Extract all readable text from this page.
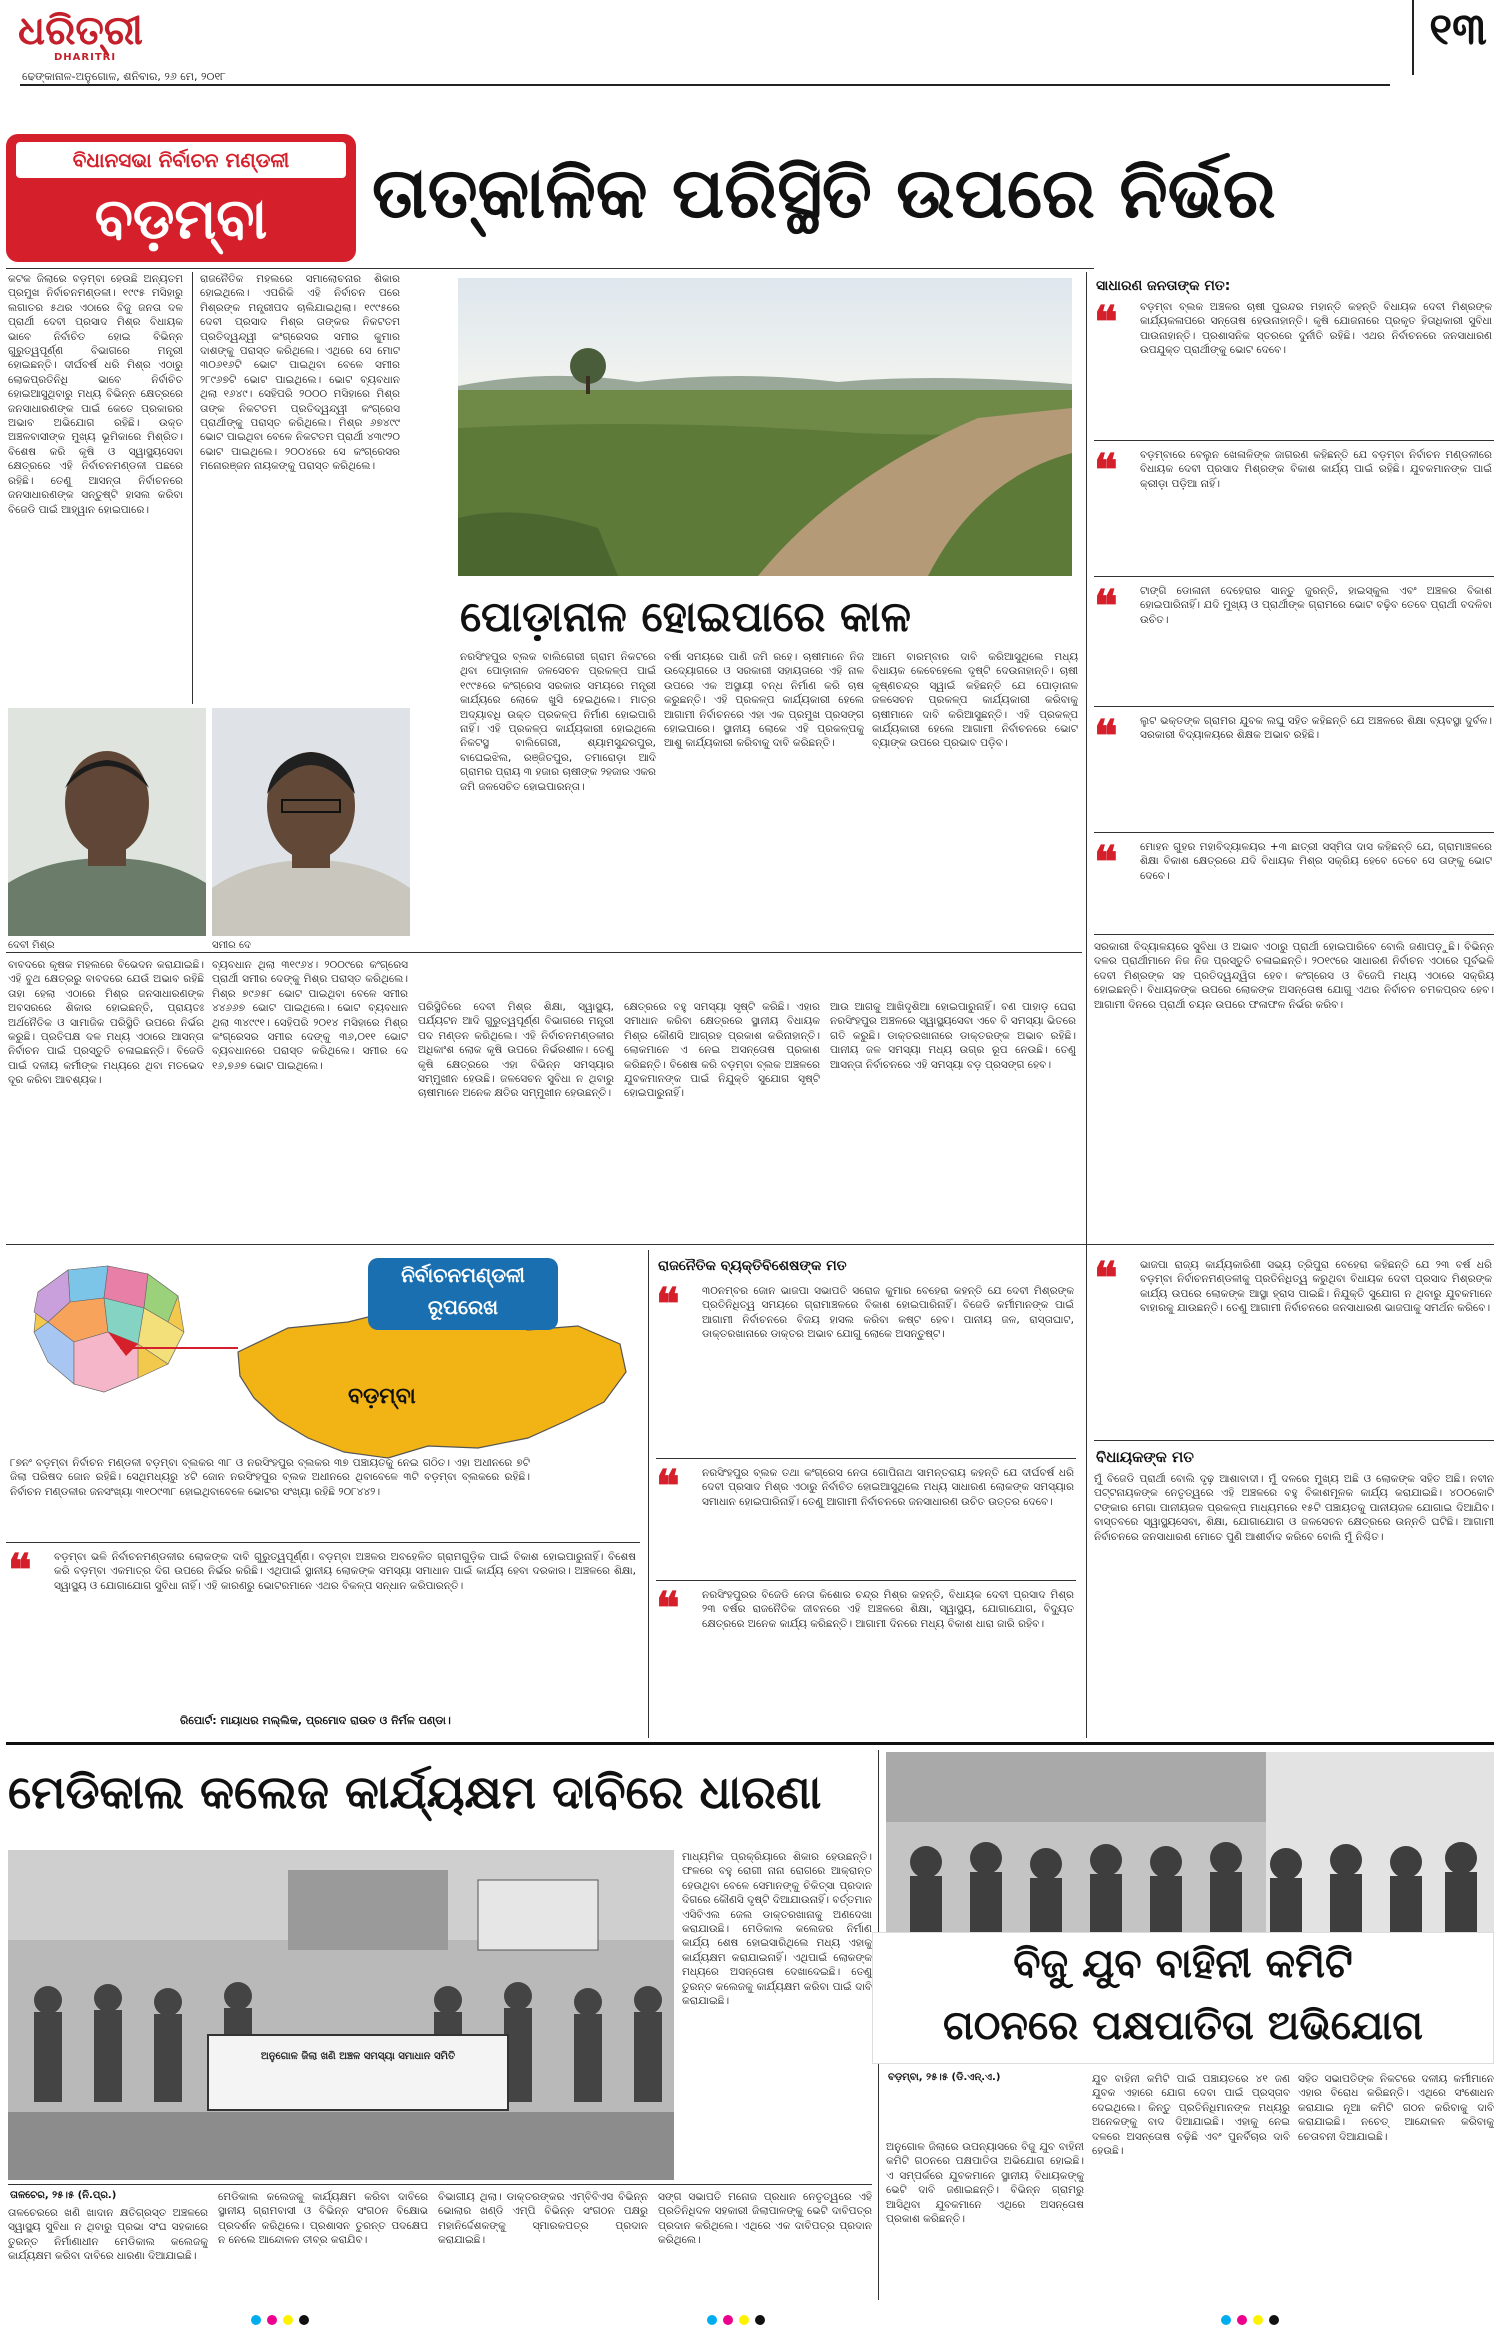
ଧରିତ୍ରୀ
DHARITRI
ଢେଙ୍କାନାଳ-ଅନୁଗୋଳ, ଶନିବାର, ୨୬ ମେ, ୨୦୧୮
୧୩
ବିଧାନସଭା ନିର୍ବାଚନ ମଣ୍ଡଳୀ
ବଡ଼ମ୍ବା	ତାତ୍କାଳିକ ପରିସ୍ଥିତି ଉପରେ ନିର୍ଭର
କଟକ ଜିଲାରେ ବଡ଼ମ୍ବା ହେଉଛି ଅନ୍ୟତମ ପ୍ରମୁଖ ନିର୍ବାଚନମଣ୍ଡଳୀ। ୧୯୯୫ ମସିହାରୁ ଲଗାତର ୫ଥର ଏଠାରେ ବିଜୁ ଜନତା ଦଳ ପ୍ରାର୍ଥୀ ଦେବୀ ପ୍ରସାଦ ମିଶ୍ର ବିଧାୟକ ଭାବେ ନିର୍ବାଚିତ ହୋଇ ବିଭିନ୍ନ ଗୁରୁତ୍ୱପୂର୍ଣ୍ଣ ବିଭାଗରେ ମନ୍ତ୍ରୀ ହୋଇଛନ୍ତି। ଦୀର୍ଘବର୍ଷ ଧରି ମିଶ୍ର ଏଠାରୁ ଲୋକପ୍ରତିନିଧି ଭାବେ ନିର୍ବାଚିତ ହୋଇଆସୁଥିବାରୁ ମଧ୍ୟ ବିଭିନ୍ନ କ୍ଷେତ୍ରରେ ଜନସାଧାରଣଙ୍କ ପାଇଁ କେତେ ପ୍ରକାରର ଅଭାବ ଅଭିଯୋଗ ରହିଛି। ଉକ୍ତ ଅଞ୍ଚଳବାସୀଙ୍କ ମୁଖ୍ୟ ଭୂମିକାରେ ମିଶ୍ରିତ। ବିଶେଷ କରି କୃଷି ଓ ସ୍ୱାସ୍ଥ୍ୟସେବା କ୍ଷେତ୍ରରେ ଏହି ନିର୍ବାଚନମଣ୍ଡଳୀ ପଛରେ ରହିଛି। ତେଣୁ ଆସନ୍ତା ନିର୍ବାଚନରେ ଜନସାଧାରଣଙ୍କ ସନ୍ତୁଷ୍ଟି ହାସଲ କରିବା ବିଜେଡି ପାଇଁ ଆହ୍ୱାନ ହୋଇପାରେ।
ରାଜନୈତିକ ମହଲରେ ସମାଲୋଚନାର ଶିକାର ହୋଇଥିଲେ। ଏପରିକି ଏହି ନିର୍ବାଚନ ପରେ ମିଶ୍ରଙ୍କ ମନ୍ତ୍ରୀପଦ ଚାଲିଯାଇଥିଲା। ୧୯୯୫ରେ ଦେବୀ ପ୍ରସାଦ ମିଶ୍ର ତାଙ୍କର ନିକଟତମ ପ୍ରତିଦ୍ୱନ୍ଦ୍ୱୀ କଂଗ୍ରେସର ସମୀର କୁମାର ଦାଶଙ୍କୁ ପରାସ୍ତ କରିଥିଲେ। ଏଥିରେ ସେ ମୋଟ ୩୦୬୧୬ଟି ଭୋଟ ପାଇଥିବା ବେଳେ ସମୀର ୨୮୯୬୭ଟି ଭୋଟ ପାଇଥିଲେ। ଭୋଟ ବ୍ୟବଧାନ ଥିଲା ୧୬୪୯। ସେହିପରି ୨୦୦୦ ମସିହାରେ ମିଶ୍ର ତାଙ୍କ ନିକଟତମ ପ୍ରତିଦ୍ୱନ୍ଦ୍ୱୀ କଂଗ୍ରେସ ପ୍ରାର୍ଥୀଙ୍କୁ ପରାସ୍ତ କରିଥିଲେ। ମିଶ୍ର ୬୭୪୯୯ ଭୋଟ ପାଇଥିବା ବେଳେ ନିକଟତମ ପ୍ରାର୍ଥୀ ୪୩୯୨୦ ଭୋଟ ପାଇଥିଲେ। ୨୦୦୪ରେ ସେ କଂଗ୍ରେସର ମନୋରଞ୍ଜନ ନାୟକଙ୍କୁ ପରାସ୍ତ କରିଥିଲେ।
ଦେବୀ ମିଶ୍ର	ସମୀର ଦେ
ପୋଡ଼ାନାଳ ହୋଇପାରେ କାଳ
ନରସିଂହପୁର ବ୍ଲକ ବାଲିଗେରୀ ଗ୍ରାମ ନିକଟରେ ଥିବା ପୋଡ଼ାନାଳ ଜଳସେଚନ ପ୍ରକଳ୍ପ ପାଇଁ ୧୯୯୫ରେ କଂଗ୍ରେସ ସରକାର ସମୟରେ ମନ୍ତ୍ରୀ କାର୍ଯ୍ୟରେ ଲୋକେ ଖୁସି ହେଇଥିଲେ। ମାତ୍ର ଅଦ୍ୟାବଧି ଉକ୍ତ ପ୍ରକଳ୍ପ ନିର୍ମାଣ ହୋଇପାରି ନାହିଁ। ଏହି ପ୍ରକଳ୍ପ କାର୍ଯ୍ୟକାରୀ ହୋଇଥିଲେ ନିକଟସ୍ଥ ବାଲିଗେରୀ, ଶ୍ୟାମସୁନ୍ଦରପୁର, ବାଘେଇଝିଲ, ରଞ୍ଜିତପୁର, ତମାରୋଡ଼ା ଆଦି ଗ୍ରାମର ପ୍ରାୟ ୩ ହଜାର ଚାଷୀଙ୍କ ୨ହଜାର ଏକର ଜମି ଜଳସେଚିତ ହୋଇପାରନ୍ତା।
ବର୍ଷା ସମୟରେ ପାଣି ଜମି ରହେ। ଚାଷୀମାନେ ନିଜ ଉଦ୍ୟୋଗରେ ଓ ସରକାରୀ ସହାୟତାରେ ଏହି ନାଳ ଉପରେ ଏକ ଅସ୍ଥାୟୀ ବନ୍ଧ ନିର୍ମାଣ କରି ଚାଷ କରୁଛନ୍ତି। ଏହି ପ୍ରକଳ୍ପ କାର୍ଯ୍ୟକାରୀ ହେଲେ ଆଗାମୀ ନିର୍ବାଚନରେ ଏହା ଏକ ପ୍ରମୁଖ ପ୍ରସଙ୍ଗ ହୋଇପାରେ। ସ୍ଥାନୀୟ ଲୋକେ ଏହି ପ୍ରକଳ୍ପକୁ ଆଶୁ କାର୍ଯ୍ୟକାରୀ କରିବାକୁ ଦାବି କରିଛନ୍ତି।
ଆମେ ବାରମ୍ବାର ଦାବି କରିଆସୁଥିଲେ ମଧ୍ୟ ବିଧାୟକ କେବେହେଲେ ଦୃଷ୍ଟି ଦେଉନାହାନ୍ତି। ଚାଷୀ କୃଷ୍ଣଚନ୍ଦ୍ର ସ୍ୱାଇଁ କହିଛନ୍ତି ଯେ ପୋଡ଼ାନାଳ ଜଳସେଚନ ପ୍ରକଳ୍ପ କାର୍ଯ୍ୟକାରୀ କରିବାକୁ ଚାଷୀମାନେ ଦାବି କରିଆସୁଛନ୍ତି। ଏହି ପ୍ରକଳ୍ପ କାର୍ଯ୍ୟକାରୀ ହେଲେ ଆଗାମୀ ନିର୍ବାଚନରେ ଭୋଟ ବ୍ୟାଙ୍କ ଉପରେ ପ୍ରଭାବ ପଡ଼ିବ।
ବାବଦରେ କୃଷକ ମହଲରେ ବିଭେଦନ କରାଯାଇଛି। ଏହି ବୁଥ କ୍ଷେତ୍ରରୁ ବାବଦରେ ଯେଉଁ ଅଭାବ ରହିଛି ତାହା ହେଲା ଏଠାରେ ମିଶ୍ର ଜନସାଧାରଣଙ୍କ ଅବସରରେ ଶିକାର ହୋଇଛନ୍ତି, ପ୍ରାୟତଃ ଅର୍ଥନୈତିକ ଓ ସାମାଜିକ ପରିସ୍ଥିତି ଉପରେ ନିର୍ଭର କରୁଛି। ପ୍ରତିପକ୍ଷ ଦଳ ମଧ୍ୟ ଏଠାରେ ଆସନ୍ତା ନିର୍ବାଚନ ପାଇଁ ପ୍ରସ୍ତୁତି ଚଳାଇଛନ୍ତି। ବିଜେଡି ପାଇଁ ଦଳୀୟ କର୍ମୀଙ୍କ ମଧ୍ୟରେ ଥିବା ମତଭେଦ ଦୂର କରିବା ଆବଶ୍ୟକ।
ବ୍ୟବଧାନ ଥିଲା ୩୧୯୬୪। ୨୦୦୯ରେ କଂଗ୍ରେସ ପ୍ରାର୍ଥୀ ସମୀର ଦେଙ୍କୁ ମିଶ୍ର ପରାସ୍ତ କରିଥିଲେ। ମିଶ୍ର ୭୯୬୫୮ ଭୋଟ ପାଇଥିବା ବେଳେ ସମୀର ୪୪୬୬୭ ଭୋଟ ପାଇଥିଲେ। ଭୋଟ ବ୍ୟବଧାନ ଥିଲା ୩୪୯୯୧। ସେହିପରି ୨୦୧୪ ମସିହାରେ ମିଶ୍ର କଂଗ୍ରେସର ସମୀର ଦେଙ୍କୁ ୩୬,୦୧୧ ଭୋଟ ବ୍ୟବଧାନରେ ପରାସ୍ତ କରିଥିଲେ। ସମୀର ଦେ ୧୬,୭୬୭ ଭୋଟ ପାଇଥିଲେ।
ପରିସ୍ଥିତିରେ ଦେବୀ ମିଶ୍ର ଶିକ୍ଷା, ସ୍ୱାସ୍ଥ୍ୟ, ପର୍ଯ୍ୟଟନ ଆଦି ଗୁରୁତ୍ୱପୂର୍ଣ୍ଣ ବିଭାଗରେ ମନ୍ତ୍ରୀ ପଦ ମଣ୍ଡନ କରିଥିଲେ। ଏହି ନିର୍ବାଚନମଣ୍ଡଳୀର ଅଧିକାଂଶ ଲୋକ କୃଷି ଉପରେ ନିର୍ଭରଶୀଳ। ତେଣୁ କୃଷି କ୍ଷେତ୍ରରେ ଏହା ବିଭିନ୍ନ ସମସ୍ୟାର ସମ୍ମୁଖୀନ ହେଉଛି। ଜଳସେଚନ ସୁବିଧା ନ ଥିବାରୁ ଚାଷୀମାନେ ଅନେକ କ୍ଷତିର ସମ୍ମୁଖୀନ ହେଉଛନ୍ତି।
କ୍ଷେତ୍ରରେ ବହୁ ସମସ୍ୟା ସୃଷ୍ଟି କରିଛି। ଏହାର ସମାଧାନ କରିବା କ୍ଷେତ୍ରରେ ସ୍ଥାନୀୟ ବିଧାୟକ ମିଶ୍ର କୌଣସି ଆଗ୍ରହ ପ୍ରକାଶ କରିନାହାନ୍ତି। ଲୋକମାନେ ଏ ନେଇ ଅସନ୍ତୋଷ ପ୍ରକାଶ କରିଛନ୍ତି। ବିଶେଷ କରି ବଡ଼ମ୍ବା ବ୍ଲକ ଅଞ୍ଚଳରେ ଯୁବକମାନଙ୍କ ପାଇଁ ନିଯୁକ୍ତି ସୁଯୋଗ ସୃଷ୍ଟି ହୋଇପାରୁନାହିଁ।
ଆଉ ଆଗକୁ ଆଖିଦୃଶିଆ ହୋଇପାରୁନାହିଁ। ବଣ ପାହାଡ଼ ଘେରା ନରସିଂହପୁର ଅଞ୍ଚଳରେ ସ୍ୱାସ୍ଥ୍ୟସେବା ଏବେ ବି ସମସ୍ୟା ଭିତରେ ଗତି କରୁଛି। ଡାକ୍ତରଖାନାରେ ଡାକ୍ତରଙ୍କ ଅଭାବ ରହିଛି। ପାନୀୟ ଜଳ ସମସ୍ୟା ମଧ୍ୟ ଉଗ୍ର ରୂପ ନେଉଛି। ତେଣୁ ଆସନ୍ତା ନିର୍ବାଚନରେ ଏହି ସମସ୍ୟା ବଡ଼ ପ୍ରସଙ୍ଗ ହେବ।
ସାଧାରଣ ଜନତାଙ୍କ ମତ:
❝ ବଡ଼ମ୍ବା ବ୍ଲକ ଅଞ୍ଚଳର ଚାଷୀ ପୁରନ୍ଦର ମହାନ୍ତି କହନ୍ତି ବିଧାୟକ ଦେବୀ ମିଶ୍ରଙ୍କ କାର୍ଯ୍ୟକଳାପରେ ସନ୍ତୋଷ ହେଉନାହାନ୍ତି। କୃଷି ଯୋଜନାରେ ପ୍ରକୃତ ହିତାଧିକାରୀ ସୁବିଧା ପାଉନାହାନ୍ତି। ପ୍ରଶାସନିକ ସ୍ତରରେ ଦୁର୍ନୀତି ରହିଛି। ଏଥର ନିର୍ବାଚନରେ ଜନସାଧାରଣ ଉପଯୁକ୍ତ ପ୍ରାର୍ଥୀଙ୍କୁ ଭୋଟ ଦେବେ।
❝ ବଡ଼ମ୍ବାରେ ବେଲୁନ ଖେଳାଳିଙ୍କ ଜାଗରଣ କହିଛନ୍ତି ଯେ ବଡ଼ମ୍ବା ନିର୍ବାଚନ ମଣ୍ଡଳୀରେ ବିଧାୟକ ଦେବୀ ପ୍ରସାଦ ମିଶ୍ରଙ୍କ ବିକାଶ କାର୍ଯ୍ୟ ପାଇଁ ରହିଛି। ଯୁବକମାନଙ୍କ ପାଇଁ କ୍ରୀଡ଼ା ପଡ଼ିଆ ନାହିଁ।
❝ ଟାଙ୍ଗି ଡୋଳାନୀ ଦେହେରାର ସାନ୍ତୁ ଜୁରନ୍ତି, ହାଇସ୍କୁଲ ଏବଂ ଅଞ୍ଚଳର ବିକାଶ ହୋଇପାରିନାହିଁ। ଯଦି ମୁଖ୍ୟ ଓ ପ୍ରାର୍ଥୀଙ୍କ ଗ୍ରାମରେ ଭୋଟ ବଢ଼ିବ ତେବେ ପ୍ରାର୍ଥୀ ବଦଳିବା ଉଚିତ।
❝ ଲୁଟ ଭକ୍ତଙ୍କ ଗ୍ରାମର ଯୁବକ ଲଘୁ ସହିତ କହିଛନ୍ତି ଯେ ଅଞ୍ଚଳରେ ଶିକ୍ଷା ବ୍ୟବସ୍ଥା ଦୁର୍ବଳ। ସରକାରୀ ବିଦ୍ୟାଳୟରେ ଶିକ୍ଷକ ଅଭାବ ରହିଛି।
❝ ମୋହନ ଗୁହର ମହାବିଦ୍ୟାଳୟର +୩ ଛାତ୍ରୀ ସସ୍ମିତା ଦାସ କହିଛନ୍ତି ଯେ, ଗ୍ରାମାଞ୍ଚଳରେ ଶିକ୍ଷା ବିକାଶ କ୍ଷେତ୍ରରେ ଯଦି ବିଧାୟକ ମିଶ୍ର ସକ୍ରିୟ ହେବେ ତେବେ ସେ ତାଙ୍କୁ ଭୋଟ ଦେବେ।
ସରକାରୀ ବିଦ୍ୟାଳୟରେ ସୁବିଧା ଓ ଅଭାବ ଏଠାରୁ ପ୍ରାର୍ଥୀ ହୋଇପାରିବେ ବୋଲି ଜଣାପଡ଼ୁଛି। ବିଭିନ୍ନ ଦଳର ପ୍ରାର୍ଥୀମାନେ ନିଜ ନିଜ ପ୍ରସ୍ତୁତି ଚଳାଇଛନ୍ତି। ୨୦୧୯ରେ ସାଧାରଣ ନିର୍ବାଚନ ଏଠାରେ ପୂର୍ବଭଳି ଦେବୀ ମିଶ୍ରଙ୍କ ସହ ପ୍ରତିଦ୍ୱନ୍ଦ୍ୱିତା ହେବ। କଂଗ୍ରେସ ଓ ବିଜେପି ମଧ୍ୟ ଏଠାରେ ସକ୍ରିୟ ହୋଇଛନ୍ତି। ବିଧାୟକଙ୍କ ଉପରେ ଲୋକଙ୍କ ଅସନ୍ତୋଷ ଯୋଗୁ ଏଥର ନିର୍ବାଚନ ଚମକପ୍ରଦ ହେବ। ଆଗାମୀ ଦିନରେ ପ୍ରାର୍ଥୀ ଚୟନ ଉପରେ ଫଳାଫଳ ନିର୍ଭର କରିବ।
ନିର୍ବାଚନମଣ୍ଡଳୀ
ରୂପରେଖ
ବଡ଼ମ୍ବା
୮୭ନଂ ବଡ଼ମ୍ବା ନିର୍ବାଚନ ମଣ୍ଡଳୀ ବଡ଼ମ୍ବା ବ୍ଲକର ୩୮ ଓ ନରସିଂହପୁର ବ୍ଲକର ୩୭ ପଞ୍ଚାୟତକୁ ନେଇ ଗଠିତ। ଏହା ଅଧୀନରେ ୭ଟି ଜିଲା ପରିଷଦ ଜୋନ ରହିଛି। ସେଥିମଧ୍ୟରୁ ୪ଟି ଜୋନ ନରସିଂହପୁର ବ୍ଲକ ଅଧୀନରେ ଥିବାବେଳେ ୩ଟି ବଡ଼ମ୍ବା ବ୍ଲକରେ ରହିଛି। ନିର୍ବାଚନ ମଣ୍ଡଳୀର ଜନସଂଖ୍ୟା ୩୧୦୯୩୮ ହୋଇଥିବାବେଳେ ଭୋଟର ସଂଖ୍ୟା ରହିଛି ୨୦୮୪୪୨।
ରାଜନୈତିକ ବ୍ୟକ୍ତିବିଶେଷଙ୍କ ମତ
❝ ୩୦ନମ୍ବର ଜୋନ ଭାଜପା ସଭାପତି ସରୋଜ କୁମାର ବେହେରା କହନ୍ତି ଯେ ଦେବୀ ମିଶ୍ରଙ୍କ ପ୍ରତିନିଧିତ୍ୱ ସମୟରେ ଗ୍ରାମାଞ୍ଚଳରେ ବିକାଶ ହୋଇପାରିନାହିଁ। ବିଜେଡି କର୍ମୀମାନଙ୍କ ପାଇଁ ଆଗାମୀ ନିର୍ବାଚନରେ ବିଜୟ ହାସଲ କରିବା କଷ୍ଟ ହେବ। ପାନୀୟ ଜଳ, ରାସ୍ତାଘାଟ, ଡାକ୍ତରଖାନାରେ ଡାକ୍ତର ଅଭାବ ଯୋଗୁ ଲୋକେ ଅସନ୍ତୁଷ୍ଟ।
❝ ନରସିଂହପୁର ବ୍ଲକ ତଥା କଂଗ୍ରେସ ନେତା ଗୋପିନାଥ ସାମନ୍ତରାୟ କହନ୍ତି ଯେ ଦୀର୍ଘବର୍ଷ ଧରି ଦେବୀ ପ୍ରସାଦ ମିଶ୍ର ଏଠାରୁ ନିର୍ବାଚିତ ହୋଇଆସୁଥିଲେ ମଧ୍ୟ ସାଧାରଣ ଲୋକଙ୍କ ସମସ୍ୟାର ସମାଧାନ ହୋଇପାରିନାହିଁ। ତେଣୁ ଆଗାମୀ ନିର୍ବାଚନରେ ଜନସାଧାରଣ ଉଚିତ ଉତ୍ତର ଦେବେ।
❝ ନରସିଂହପୁରର ବିଜେଡି ନେତା କିଶୋର ଚନ୍ଦ୍ର ମିଶ୍ର କହନ୍ତି, ବିଧାୟକ ଦେବୀ ପ୍ରସାଦ ମିଶ୍ର ୨୩ ବର୍ଷର ରାଜନୈତିକ ଜୀବନରେ ଏହି ଅଞ୍ଚଳରେ ଶିକ୍ଷା, ସ୍ୱାସ୍ଥ୍ୟ, ଯୋଗାଯୋଗ, ବିଦ୍ୟୁତ କ୍ଷେତ୍ରରେ ଅନେକ କାର୍ଯ୍ୟ କରିଛନ୍ତି। ଆଗାମୀ ଦିନରେ ମଧ୍ୟ ବିକାଶ ଧାରା ଜାରି ରହିବ।
❝ ଭାଜପା ରାଜ୍ୟ କାର୍ଯ୍ୟକାରିଣୀ ସଭ୍ୟ ତ୍ରିପୁରା ବେହେରା କହିଛନ୍ତି ଯେ ୨୩ ବର୍ଷ ଧରି ବଡ଼ମ୍ବା ନିର୍ବାଚନମଣ୍ଡଳୀକୁ ପ୍ରତିନିଧିତ୍ୱ କରୁଥିବା ବିଧାୟକ ଦେବୀ ପ୍ରସାଦ ମିଶ୍ରଙ୍କ କାର୍ଯ୍ୟ ଉପରେ ଲୋକଙ୍କ ଆସ୍ଥା ହ୍ରାସ ପାଇଛି। ନିଯୁକ୍ତି ସୁଯୋଗ ନ ଥିବାରୁ ଯୁବକମାନେ ବାହାରକୁ ଯାଉଛନ୍ତି। ତେଣୁ ଆଗାମୀ ନିର୍ବାଚନରେ ଜନସାଧାରଣ ଭାଜପାକୁ ସମର୍ଥନ କରିବେ।
ବିଧାୟକଙ୍କ ମତ
ମୁଁ ବିଜେଡି ପ୍ରାର୍ଥୀ ବୋଲି ଦୃଢ଼ ଆଶାବାଦୀ। ମୁଁ ଦଳରେ ମୁଖ୍ୟ ଅଛି ଓ ଲୋକଙ୍କ ସହିତ ଅଛି। ନବୀନ ପଟ୍ଟନାୟକଙ୍କ ନେତୃତ୍ୱରେ ଏହି ଅଞ୍ଚଳରେ ବହୁ ବିକାଶମୂଳକ କାର୍ଯ୍ୟ କରାଯାଇଛି। ୪୦୦କୋଟି ଟଙ୍କାର ମେଗା ପାନୀୟଜଳ ପ୍ରକଳ୍ପ ମାଧ୍ୟମରେ ୧୫ଟି ପଞ୍ଚାୟତକୁ ପାନୀୟଜଳ ଯୋଗାଇ ଦିଆଯିବ। ବାସ୍ତବରେ ସ୍ୱାସ୍ଥ୍ୟସେବା, ଶିକ୍ଷା, ଯୋଗାଯୋଗ ଓ ଜଳସେଚନ କ୍ଷେତ୍ରରେ ଉନ୍ନତି ଘଟିଛି। ଆଗାମୀ ନିର୍ବାଚନରେ ଜନସାଧାରଣ ମୋତେ ପୁଣି ଆଶୀର୍ବାଦ କରିବେ ବୋଲି ମୁଁ ନିଶ୍ଚିତ।
❝ ବଡ଼ମ୍ବା ଭଳି ନିର୍ବାଚନମଣ୍ଡଳୀର ଲୋକଙ୍କ ଦାବି ଗୁରୁତ୍ୱପୂର୍ଣ୍ଣ। ବଡ଼ମ୍ବା ଅଞ୍ଚଳର ଅବହେଳିତ ଗ୍ରାମଗୁଡ଼ିକ ପାଇଁ ବିକାଶ ହୋଇପାରୁନାହିଁ। ବିଶେଷ କରି ବଡ଼ମ୍ବା ଏକମାତ୍ର ଦିଗ ଉପରେ ନିର୍ଭର କରିଛି। ଏଥିପାଇଁ ସ୍ଥାନୀୟ ଲୋକଙ୍କ ସମସ୍ୟା ସମାଧାନ ପାଇଁ କାର୍ଯ୍ୟ ହେବା ଦରକାର। ଅଞ୍ଚଳରେ ଶିକ୍ଷା, ସ୍ୱାସ୍ଥ୍ୟ ଓ ଯୋଗାଯୋଗ ସୁବିଧା ନାହିଁ। ଏହି କାରଣରୁ ଭୋଟରମାନେ ଏଥର ବିକଳ୍ପ ସନ୍ଧାନ କରିପାରନ୍ତି।
ରିପୋର୍ଟ: ମାୟାଧର ମଲ୍ଲିକ, ପ୍ରମୋଦ ରାଉତ ଓ ନିର୍ମଳ ପଣ୍ଡା।
ମେଡିକାଲ କଲେଜ କାର୍ଯ୍ୟକ୍ଷମ ଦାବିରେ ଧାରଣା
ଅନୁଗୋଳ ଜିଲା ଖଣି ଅଞ୍ଚଳ ସମସ୍ୟା ସମାଧାନ ସମିତି
ମାଧ୍ୟମିକ ପ୍ରକ୍ରିୟାରେ ଶିକାର ହେଉଛନ୍ତି। ଫଳରେ ବହୁ ରୋଗୀ ନାନା ରୋଗରେ ଆକ୍ରାନ୍ତ ହେଉଥିବା ବେଳେ ସେମାନଙ୍କୁ ଚିକିତ୍ସା ପ୍ରଦାନ ଦିଗରେ କୌଣସି ଦୃଷ୍ଟି ଦିଆଯାଉନାହିଁ। ବର୍ତ୍ତମାନ ଏସିବିଏଲ ଜେଲ ଡାକ୍ତରଖାନାକୁ ଅଣଦେଖା କରାଯାଉଛି। ମେଡିକାଲ କଲେଜର ନିର୍ମାଣ କାର୍ଯ୍ୟ ଶେଷ ହୋଇସାରିଥିଲେ ମଧ୍ୟ ଏହାକୁ କାର୍ଯ୍ୟକ୍ଷମ କରାଯାଇନାହିଁ। ଏଥିପାଇଁ ଲୋକଙ୍କ ମଧ୍ୟରେ ଅସନ୍ତୋଷ ଦେଖାଦେଇଛି। ତେଣୁ ତୁରନ୍ତ କଲେଜକୁ କାର୍ଯ୍ୟକ୍ଷମ କରିବା ପାଇଁ ଦାବି କରାଯାଇଛି।
ତାଳଚେର, ୨୫।୫ (ନି.ପ୍ର.)
ତାଳଚେରରେ ଖଣି ଖାଦାନ କ୍ଷତିଗ୍ରସ୍ତ ଅଞ୍ଚଳରେ ସ୍ୱାସ୍ଥ୍ୟ ସୁବିଧା ନ ଥିବାରୁ ପ୍ରଭା ସଂଘ ସହକାରେ ତୁରନ୍ତ ନିର୍ମାଣାଧୀନ ମେଡିକାଲ କଲେଜକୁ କାର୍ଯ୍ୟକ୍ଷମ କରିବା ଦାବିରେ ଧାରଣା ଦିଆଯାଇଛି।
ମେଡିକାଲ କଲେଜକୁ କାର୍ଯ୍ୟକ୍ଷମ କରିବା ଦାବିରେ ସ୍ଥାନୀୟ ଗ୍ରାମବାସୀ ଓ ବିଭିନ୍ନ ସଂଗଠନ ବିକ୍ଷୋଭ ପ୍ରଦର୍ଶନ କରିଥିଲେ। ପ୍ରଶାସନ ତୁରନ୍ତ ପଦକ୍ଷେପ ନ ନେଲେ ଆନ୍ଦୋଳନ ତୀବ୍ର କରାଯିବ।
ବିଭାଗୀୟ ଥିଲା। ଡାକ୍ତରଙ୍କର ଏମ୍‌ବିବିଏସ ବିଭିନ୍ନ ଭୋଲାର ଖଣ୍ଡି ଏମ୍‌ପି ବିଭିନ୍ନ ସଂଗଠନ ପକ୍ଷରୁ ମହାନିର୍ଦ୍ଦେଶକଙ୍କୁ ସ୍ମାରକପତ୍ର ପ୍ରଦାନ କରାଯାଇଛି।
ସଙ୍ଗ ସଭାପତି ମନୋଜ ପ୍ରଧାନ ନେତୃତ୍ୱରେ ଏହି ପ୍ରତିନିଧିଦଳ ସହକାରୀ ଜିଲାପାଳଙ୍କୁ ଭେଟି ଦାବିପତ୍ର ପ୍ରଦାନ କରିଥିଲେ। ଏଥିରେ ଏକ ଦାବିପତ୍ର ପ୍ରଦାନ କରିଥିଲେ।
ବିଜୁ ଯୁବ ବାହିନୀ କମିଟି
ଗଠନରେ ପକ୍ଷପାତିତା ଅଭିଯୋଗ
ବଡ଼ମ୍ବା, ୨୫।୫ (ଡି.ଏନ୍‌.ଏ.)
ଅନୁଗୋଳ ଜିଲାରେ ଉପନ୍ୟାସରେ ବିଜୁ ଯୁବ ବାହିନୀ କମିଟି ଗଠନରେ ପକ୍ଷପାତିତା ଅଭିଯୋଗ ହୋଇଛି। ଏ ସମ୍ପର୍କରେ ଯୁବକମାନେ ସ୍ଥାନୀୟ ବିଧାୟକଙ୍କୁ ଭେଟି ଦାବି ଜଣାଇଛନ୍ତି। ବିଭିନ୍ନ ଗ୍ରାମରୁ ଆସିଥିବା ଯୁବକମାନେ ଏଥିରେ ଅସନ୍ତୋଷ ପ୍ରକାଶ କରିଛନ୍ତି।
ଯୁବ ବାହିନୀ କମିଟି ପାଇଁ ପଞ୍ଚାୟତରେ ୪୧ ଜଣ ଯୁବକ ଏହାରେ ଯୋଗ ଦେବା ପାଇଁ ପ୍ରସ୍ତାବ ଦେଇଥିଲେ। କିନ୍ତୁ ପ୍ରତିନିଧିମାନଙ୍କ ମଧ୍ୟରୁ ଅନେକଙ୍କୁ ବାଦ ଦିଆଯାଇଛି। ଏହାକୁ ନେଇ ଦଳରେ ଅସନ୍ତୋଷ ବଢ଼ିଛି ଏବଂ ପୁନର୍ବିଚାର ଦାବି ହେଉଛି।
ସହିତ ସଭାପତିଙ୍କ ନିକଟରେ ଦଳୀୟ କର୍ମୀମାନେ ଏହାର ବିରୋଧ କରିଛନ୍ତି। ଏଥିରେ ସଂଶୋଧନ କରାଯାଇ ନୂଆ କମିଟି ଗଠନ କରିବାକୁ ଦାବି କରାଯାଇଛି। ନଚେତ୍ ଆନ୍ଦୋଳନ କରିବାକୁ ଚେତାବନୀ ଦିଆଯାଇଛି।
